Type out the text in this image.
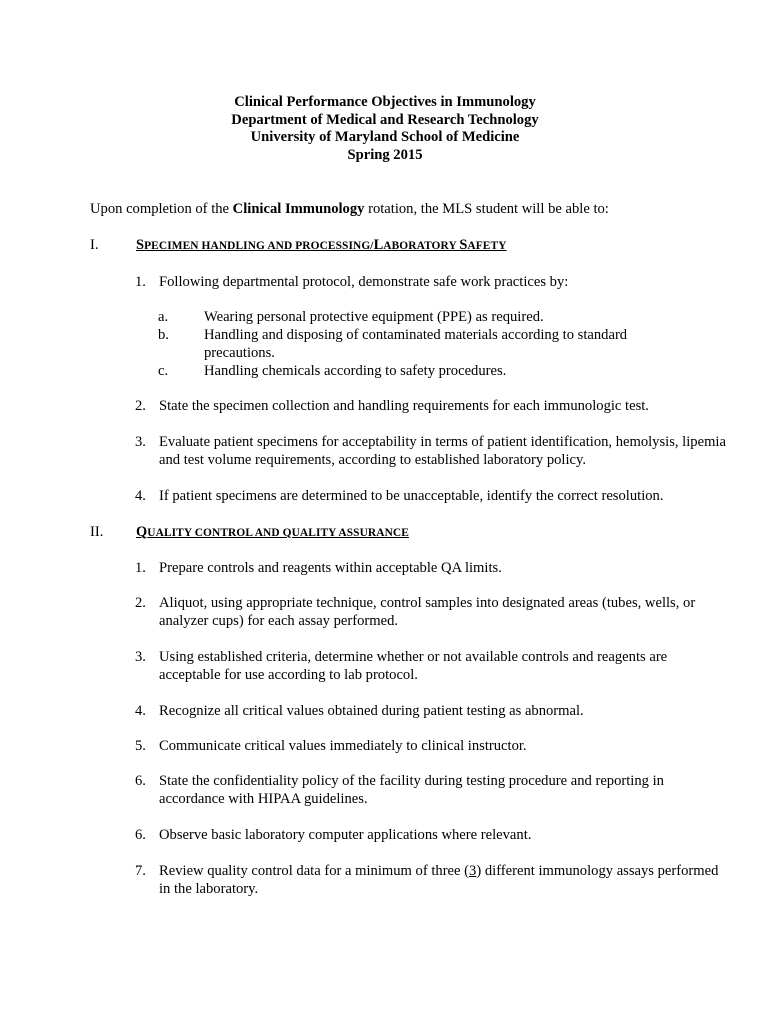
Clinical Performance Objectives in Immunology
Department of Medical and Research Technology
University of Maryland School of Medicine
Spring 2015
Upon completion of the Clinical Immunology rotation, the MLS student will be able to:
I.	SPECIMEN HANDLING AND PROCESSING/LABORATORY SAFETY
1. Following departmental protocol, demonstrate safe work practices by:
a. Wearing personal protective equipment (PPE) as required.
b. Handling and disposing of contaminated materials according to standard precautions.
c. Handling chemicals according to safety procedures.
2. State the specimen collection and handling requirements for each immunologic test.
3. Evaluate patient specimens for acceptability in terms of patient identification, hemolysis, lipemia and test volume requirements, according to established laboratory policy.
4. If patient specimens are determined to be unacceptable, identify the correct resolution.
II. QUALITY CONTROL AND QUALITY ASSURANCE
1. Prepare controls and reagents within acceptable QA limits.
2. Aliquot, using appropriate technique, control samples into designated areas (tubes, wells, or analyzer cups) for each assay performed.
3. Using established criteria, determine whether or not available controls and reagents are acceptable for use according to lab protocol.
4. Recognize all critical values obtained during patient testing as abnormal.
5. Communicate critical values immediately to clinical instructor.
6. State the confidentiality policy of the facility during testing procedure and reporting in accordance with HIPAA guidelines.
6. Observe basic laboratory computer applications where relevant.
7. Review quality control data for a minimum of three (3) different immunology assays performed in the laboratory.
